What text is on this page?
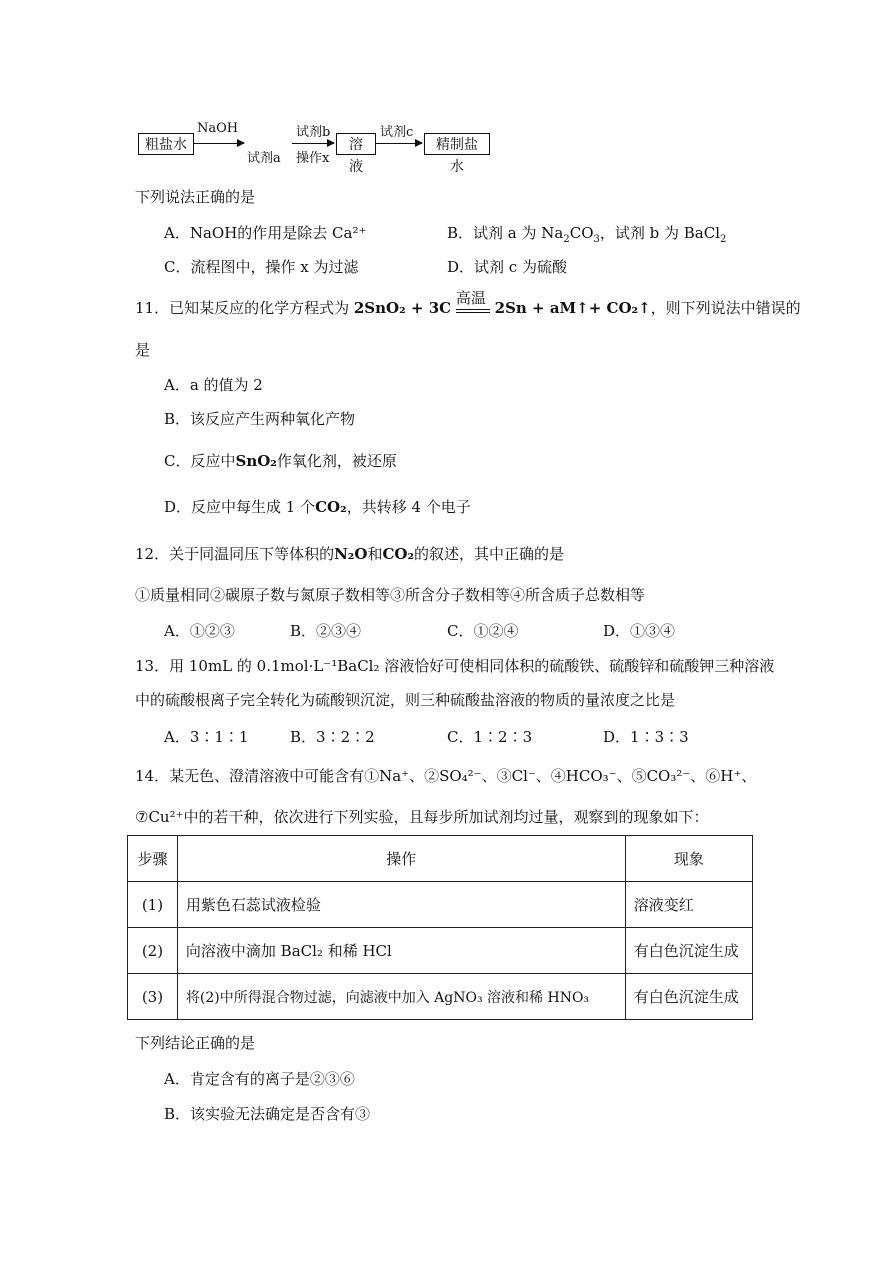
粗盐水
NaOH
试剂a
试剂b
操作x
溶液
试剂c
精制盐水
下列说法正确的是
A．NaOH的作用是除去 Ca²⁺	B．试剂 a 为 $Na_2CO_3$，试剂 b 为 BaCl$_2$
C．流程图中，操作 x 为过滤	D．试剂 c 为硫酸
11．已知某反应的化学方程式为 2SnO₂ + 3C
高温
2Sn + aM↑+ CO₂↑，则下列说法中错误的
是
A．a 的值为 2
B．该反应产生两种氧化产物
C．反应中SnO₂作氧化剂，被还原
D．反应中每生成 1 个CO₂，共转移 4 个电子
12．关于同温同压下等体积的N₂O和CO₂的叙述，其中正确的是
①质量相同②碳原子数与氮原子数相等③所含分子数相等④所含质子总数相等
A．①②③	B．②③④	C．①②④	D．①③④
13．用 10mL 的 0.1mol·L⁻¹BaCl₂ 溶液恰好可使相同体积的硫酸铁、硫酸锌和硫酸钾三种溶液
中的硫酸根离子完全转化为硫酸钡沉淀，则三种硫酸盐溶液的物质的量浓度之比是
A．3∶1∶1	B．3∶2∶2	C．1∶2∶3	D．1∶3∶3
14．某无色、澄清溶液中可能含有①Na⁺、②SO₄²⁻、③Cl⁻、④HCO₃⁻、⑤CO₃²⁻、⑥H⁺、
⑦Cu²⁺中的若干种，依次进行下列实验，且每步所加试剂均过量，观察到的现象如下：
步骤	操作	现象
(1)	用紫色石蕊试液检验	溶液变红
(2)	向溶液中滴加 BaCl₂ 和稀 HCl	有白色沉淀生成
(3)	将(2)中所得混合物过滤，向滤液中加入 AgNO₃ 溶液和稀 HNO₃	有白色沉淀生成
下列结论正确的是
A．肯定含有的离子是②③⑥
B．该实验无法确定是否含有③
